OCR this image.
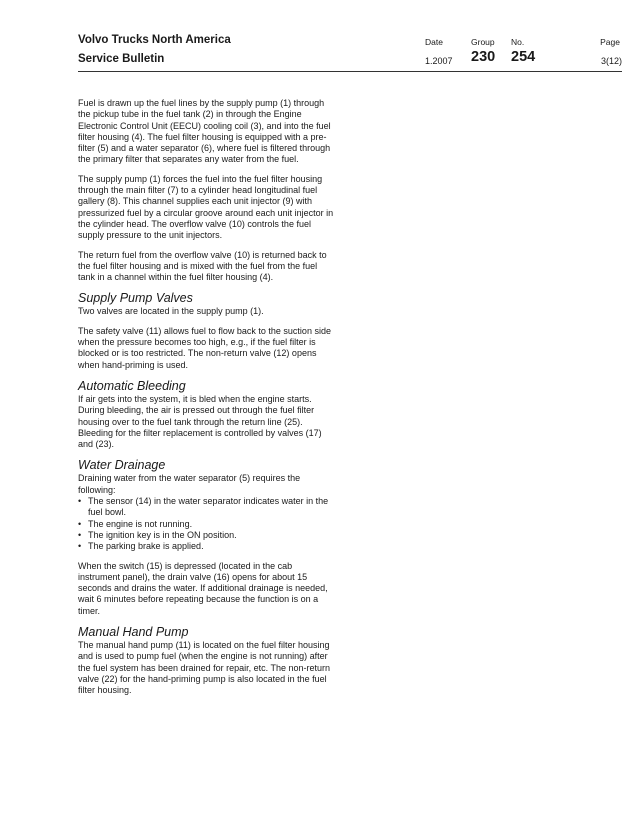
Volvo Trucks North America
Service Bulletin
Date
1.2007
Group
230
No.
254
Page
3(12)

Fuel is drawn up the fuel lines by the supply pump (1) through the pickup tube in the fuel tank (2) in through the Engine Electronic Control Unit (EECU) cooling coil (3), and into the fuel filter housing (4). The fuel filter housing is equipped with a pre-filter (5) and a water separator (6), where fuel is filtered through the primary filter that separates any water from the fuel.

The supply pump (1) forces the fuel into the fuel filter housing through the main filter (7) to a cylinder head longitudinal fuel gallery (8). This channel supplies each unit injector (9) with pressurized fuel by a circular groove around each unit injector in the cylinder head. The overflow valve (10) controls the fuel supply pressure to the unit injectors.

The return fuel from the overflow valve (10) is returned back to the fuel filter housing and is mixed with the fuel from the fuel tank in a channel within the fuel filter housing (4).

Supply Pump Valves

Two valves are located in the supply pump (1).

The safety valve (11) allows fuel to flow back to the suction side when the pressure becomes too high, e.g., if the fuel filter is blocked or is too restricted. The non-return valve (12) opens when hand-priming is used.

Automatic Bleeding

If air gets into the system, it is bled when the engine starts. During bleeding, the air is pressed out through the fuel filter housing over to the fuel tank through the return line (25). Bleeding for the filter replacement is controlled by valves (17) and (23).

Water Drainage

Draining water from the water separator (5) requires the following:

• The sensor (14) in the water separator indicates water in the fuel bowl.
• The engine is not running.
• The ignition key is in the ON position.
• The parking brake is applied.

When the switch (15) is depressed (located in the cab instrument panel), the drain valve (16) opens for about 15 seconds and drains the water. If additional drainage is needed, wait 6 minutes before repeating because the function is on a timer.

Manual Hand Pump

The manual hand pump (11) is located on the fuel filter housing and is used to pump fuel (when the engine is not running) after the fuel system has been drained for repair, etc. The non-return valve (22) for the hand-priming pump is also located in the fuel filter housing.
